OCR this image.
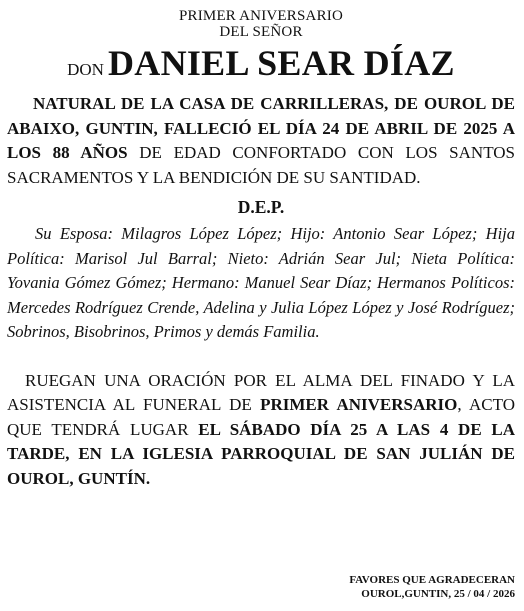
PRIMER ANIVERSARIO
DEL SEÑOR
DON DANIEL SEAR DÍAZ

NATURAL DE LA CASA DE CARRILLERAS, DE OUROL DE ABAIXO, GUNTIN, FALLECIÓ EL DÍA 24 DE ABRIL DE 2025 A LOS 88 AÑOS DE EDAD CONFORTADO CON LOS SANTOS SACRAMENTOS Y LA BENDICIÓN DE SU SANTIDAD.

D.E.P.

Su Esposa: Milagros López López; Hijo: Antonio Sear López; Hija Política: Marisol Jul Barral; Nieto: Adrián Sear Jul; Nieta Política: Yovania Gómez Gómez; Hermano: Manuel Sear Díaz; Hermanos Políticos: Mercedes Rodríguez Crende, Adelina y Julia López López y José Rodríguez; Sobrinos, Bisobrinos, Primos y demás Familia.

RUEGAN UNA ORACIÓN POR EL ALMA DEL FINADO Y LA ASISTENCIA AL FUNERAL DE PRIMER ANIVERSARIO, ACTO QUE TENDRÁ LUGAR EL SÁBADO DÍA 25 A LAS 4 DE LA TARDE, EN LA IGLESIA PARROQUIAL DE SAN JULIÁN DE OUROL, GUNTÍN.

FAVORES QUE AGRADECERAN
OUROL,GUNTIN, 25 / 04 / 2026
